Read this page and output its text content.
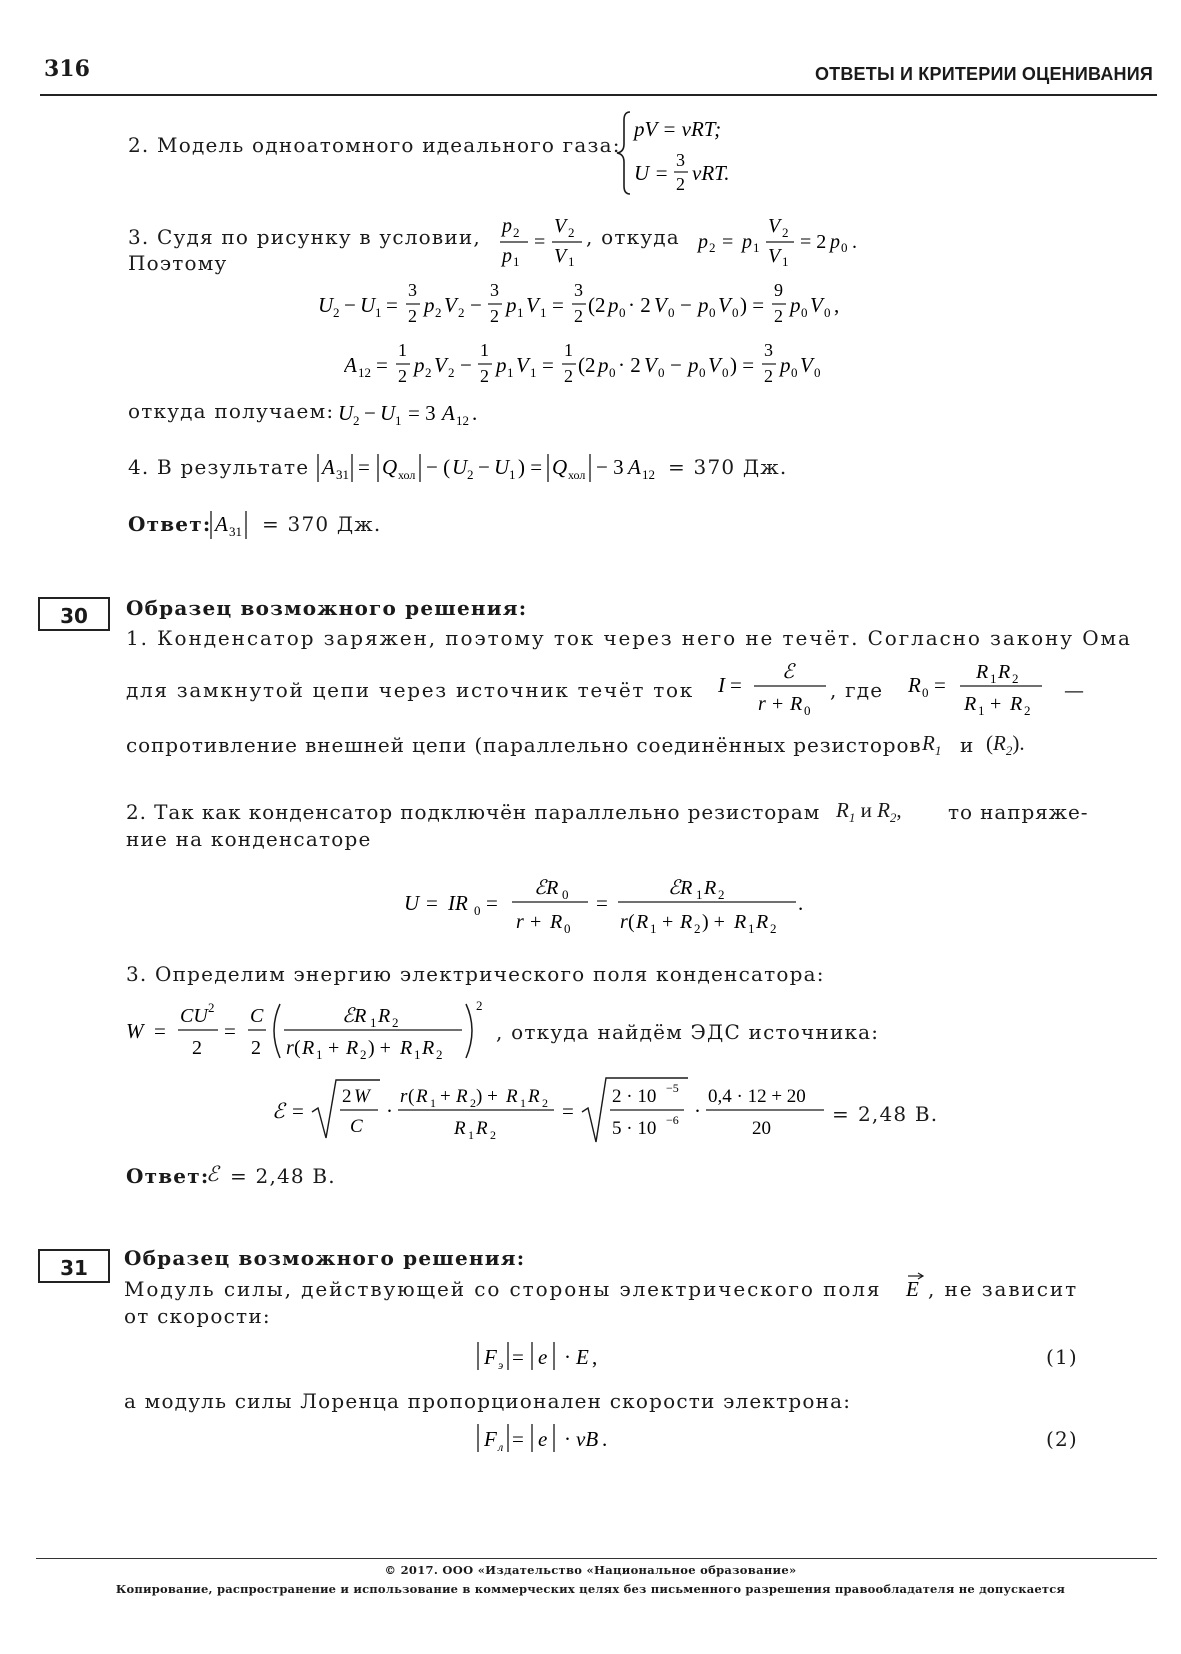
316	ОТВЕТЫ И КРИТЕРИИ ОЦЕНИВАНИЯ
2. Модель одноатомного идеального газа:
pV = νRT;
U =
3
2 νRT.
3. Судя по рисунку в условии, p 2
p 1
=
V 2
V 1
, откуда p 2 = p 1
V 2
V 1
= 2 p 0 .
Поэтому
U 2 − U 1 =
3
2 p 2 V 2 −
3
2 p 1 V 1 =
3
2 (2 p 0 · 2 V 0 − p 0 V 0 ) =
9
2 p 0 V 0 ,
A 12 =
1
2 p 2 V 2 −
1
2 p 1 V 1 =
1
2 (2 p 0 · 2 V 0 − p 0 V 0 ) =
3
2 p 0 V 0
откуда получаем: U 2 − U 1 = 3 A 12 .
4. В результате A 31 = Q хол − ( U 2 − U 1 ) = Q хол − 3 A 12 = 370 Дж.
Ответ: A 31 = 370 Дж.
30	Образец возможного решения:
1. Конденсатор заряжен, поэтому ток через него не течёт. Согласно закону Ома
для замкнутой цепи через источник течёт ток I =
ℰ
r + R 0
, где R 0 =
R 1 R 2
R 1 + R 2
—
сопротивление внешней цепи (параллельно соединённых резисторов $R_1$ и $(R_2)$.
2. Так как конденсатор подключён параллельно резисторам $R_1$ и $R_2$, то напряже-
ние на конденсаторе
U = IR 0 =
ℰR 0
r + R 0
=
ℰR 1 R 2
r ( R 1 + R 2 ) + R 1 R 2
.
3. Определим энергию электрического поля конденсатора:
W =
CU 2
2
=
C
2
ℰR 1 R 2
r ( R 1 + R 2 ) + R 1 R 2
2
, откуда найдём ЭДС источника:
ℰ =
2 W
C
·
r ( R 1 + R 2 ) + R 1 R 2
R 1 R 2
=
2 · 10 −5
5 · 10 −6 ·
0,4 · 12 + 20
20
= 2,48 В.
Ответ:
ℰ = 2,48 В.
31	Образец возможного решения:
Модуль силы, действующей со стороны электрического поля E , не зависит
от скорости:
F э = e · E ,	(1)
а модуль силы Лоренца пропорционален скорости электрона:
F л = e · vB .	(2)
© 2017. ООО «Издательство «Национальное образование»
Копирование, распространение и использование в коммерческих целях без письменного разрешения правообладателя не допускается
